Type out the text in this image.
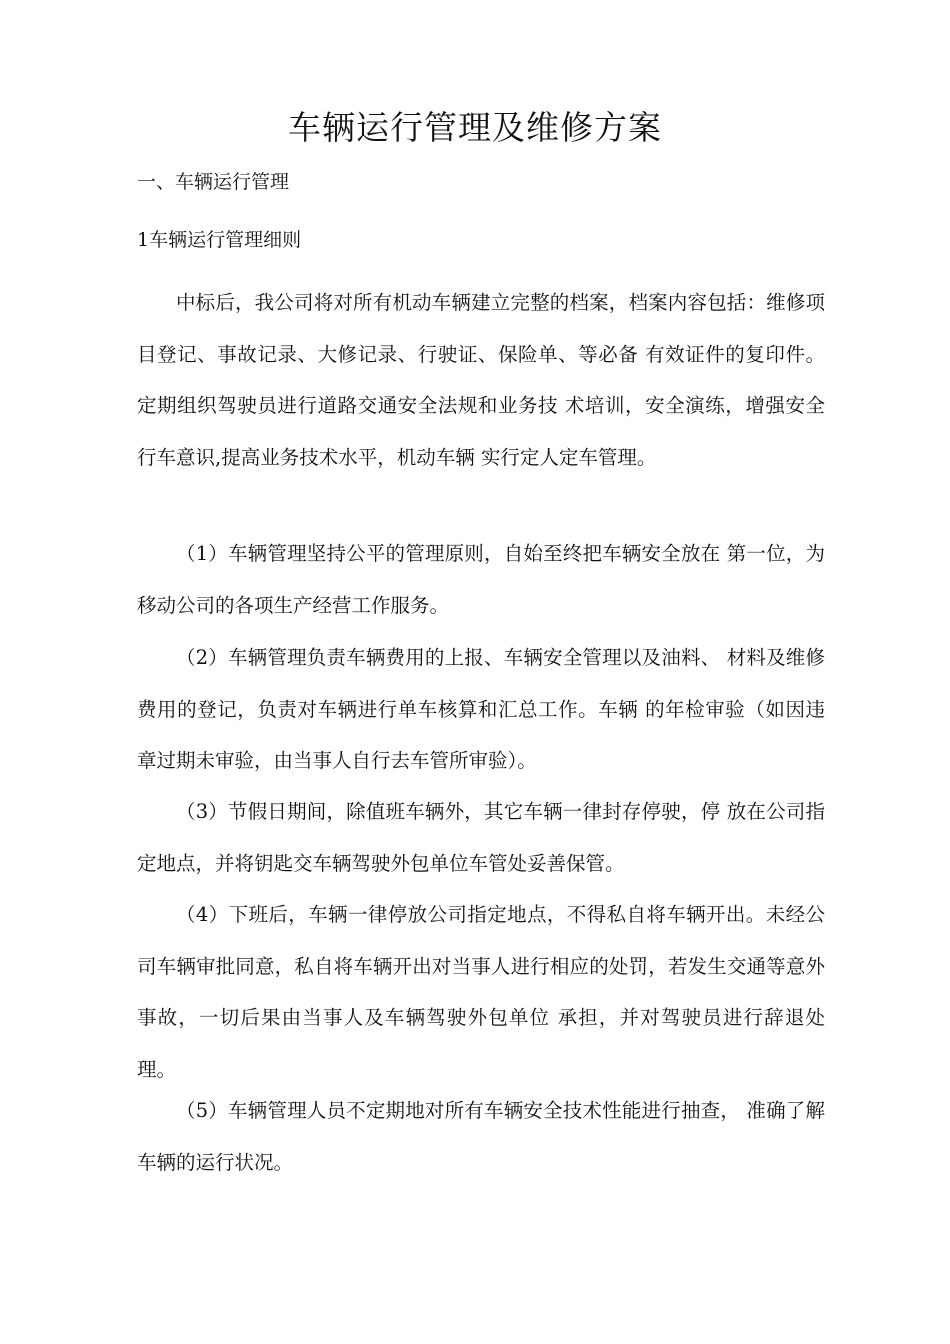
车辆运行管理及维修方案
一、车辆运行管理
1车辆运行管理细则

中标后，我公司将对所有机动车辆建立完整的档案，档案内容包括：维修项目登记、事故记录、大修记录、行驶证、保险单、等必备 有效证件的复印件。定期组织驾驶员进行道路交通安全法规和业务技 术培训，安全演练，增强安全行车意识,提高业务技术水平，机动车辆 实行定人定车管理。

（1）车辆管理坚持公平的管理原则，自始至终把车辆安全放在 第一位，为移动公司的各项生产经营工作服务。

（2）车辆管理负责车辆费用的上报、车辆安全管理以及油料、 材料及维修费用的登记，负责对车辆进行单车核算和汇总工作。车辆 的年检审验（如因违章过期未审验，由当事人自行去车管所审验）。

（3）节假日期间，除值班车辆外，其它车辆一律封存停驶，停 放在公司指定地点，并将钥匙交车辆驾驶外包单位车管处妥善保管。

（4）下班后，车辆一律停放公司指定地点，不得私自将车辆开出。未经公司车辆审批同意，私自将车辆开出对当事人进行相应的处罚，若发生交通等意外事故，一切后果由当事人及车辆驾驶外包单位 承担，并对驾驶员进行辞退处理。

（5）车辆管理人员不定期地对所有车辆安全技术性能进行抽查， 准确了解车辆的运行状况。
